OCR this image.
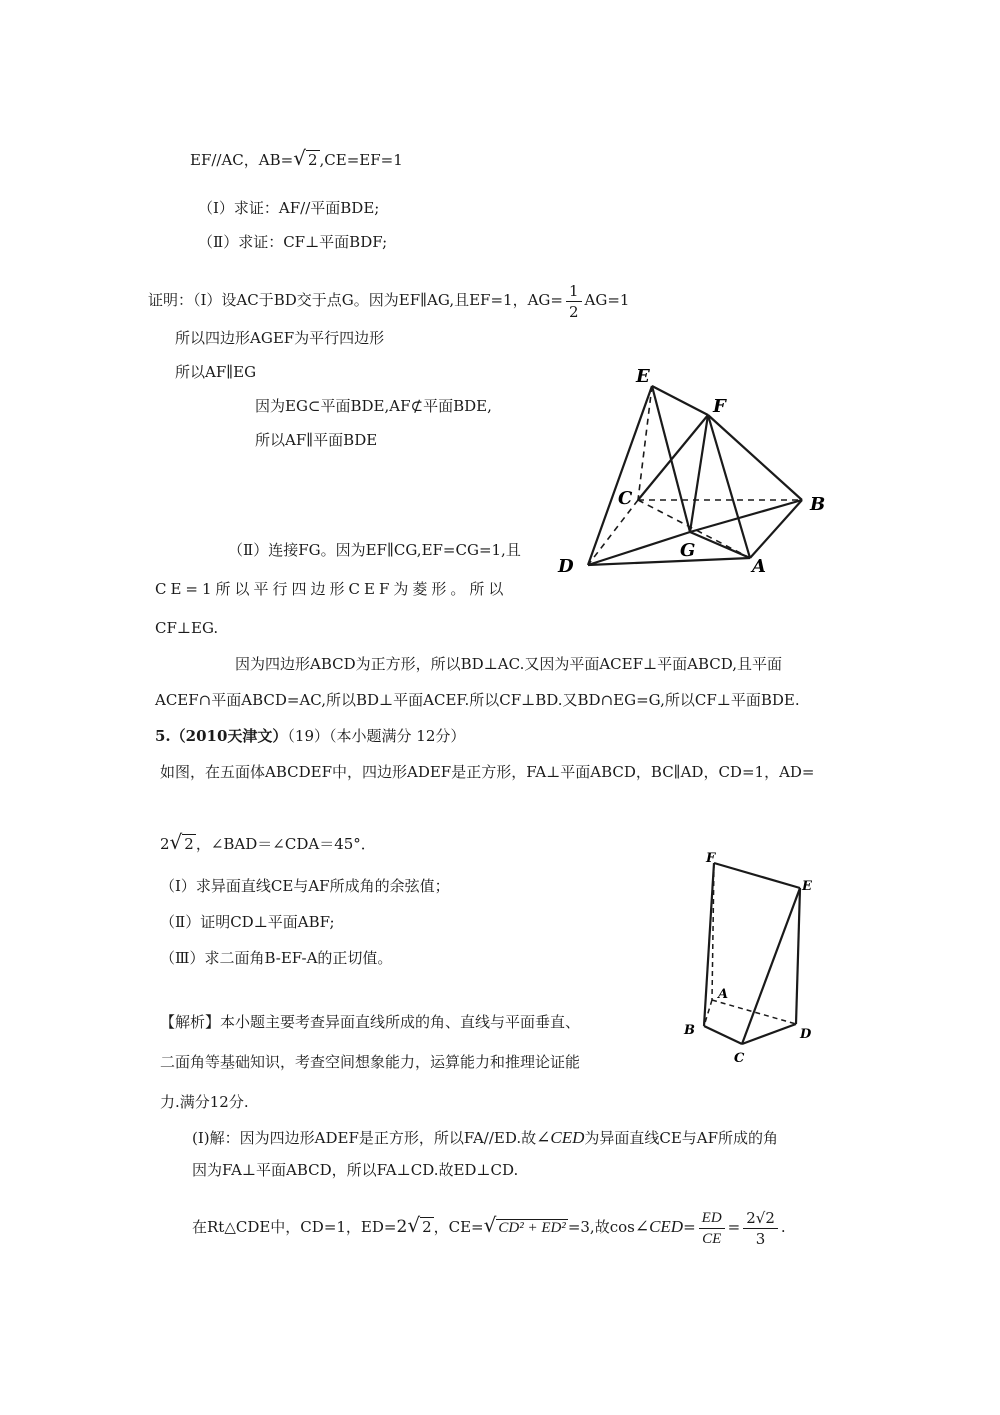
EF//AC，AB=√ 2 ,CE=EF=1
（Ⅰ）求证：AF//平面BDE;
（Ⅱ）求证：CF⊥平面BDF;
证明：（Ⅰ）设AC于BD交于点G。因为EF∥AG,且EF=1，$AG= \frac{1}{2} AG=1$
所以四边形AGEF为平行四边形
所以AF∥EG
因为EG⊂平面BDE,AF⊄平面BDE,
所以AF∥平面BDE
E
F
C	B
G
D	A
（Ⅱ）连接FG。因为EF∥CG,EF=CG=1,且
CE=1所以平行四边形CEF为菱形。所以
CF⊥EG.
因为四边形ABCD为正方形，所以BD⊥AC.又因为平面ACEF⊥平面ABCD,且平面
ACEF∩平面ABCD=AC,所以BD⊥平面ACEF.所以CF⊥BD.又BD∩EG=G,所以CF⊥平面BDE.
5.（2010天津文）（19）（本小题满分 12分）
如图，在五面体ABCDEF中，四边形ADEF是正方形，FA⊥平面ABCD，BC∥AD，CD=1，AD=
2√ 2 ，∠BAD＝∠CDA＝45°．
（Ⅰ）求异面直线CE与AF所成角的余弦值；
（Ⅱ）证明CD⊥平面ABF;
（Ⅲ）求二面角B-EF-A的正切值。
F
E
A
B	D
C
【解析】本小题主要考查异面直线所成的角、直线与平面垂直、
二面角等基础知识，考查空间想象能力，运算能力和推理论证能
力.满分12分.
(I)解：因为四边形ADEF是正方形，所以FA//ED.故∠CED为异面直线CE与AF所成的角
因为FA⊥平面ABCD，所以FA⊥CD.故ED⊥CD.
在Rt△CDE中，CD=1，ED=2√ 2 ，CE=√ CD² + ED² =3,故cos∠CED= $\frac{ED}{CE} = \frac{2√2}{3}$ .
